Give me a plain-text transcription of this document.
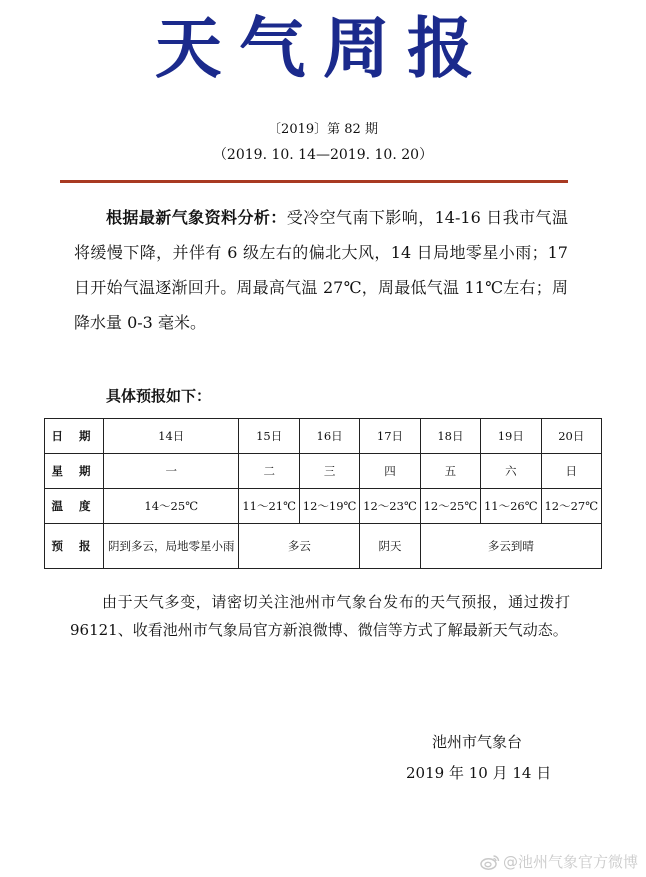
天气周报
〔2019〕第 82 期
（2019. 10. 14—2019. 10. 20）

根据最新气象资料分析：受冷空气南下影响，14-16 日我市气温将缓慢下降，并伴有 6 级左右的偏北大风，14 日局地零星小雨；17 日开始气温逐渐回升。周最高气温 27℃，周最低气温 11℃左右；周降水量 0-3 毫米。

具体预报如下：
日 期	14日	15日	16日	17日	18日	19日	20日
星 期	一	二	三	四	五	六	日
温 度	14～25℃	11～21℃	12～19℃	12～23℃	12～25℃	11～26℃	12～27℃
预 报	阴到多云，局地零星小雨	多云		阴天	多云到晴		

由于天气多变，请密切关注池州市气象台发布的天气预报，通过拨打96121、收看池州市气象局官方新浪微博、微信等方式了解最新天气动态。

池州市气象台
2019 年 10 月 14 日
@池州气象官方微博
